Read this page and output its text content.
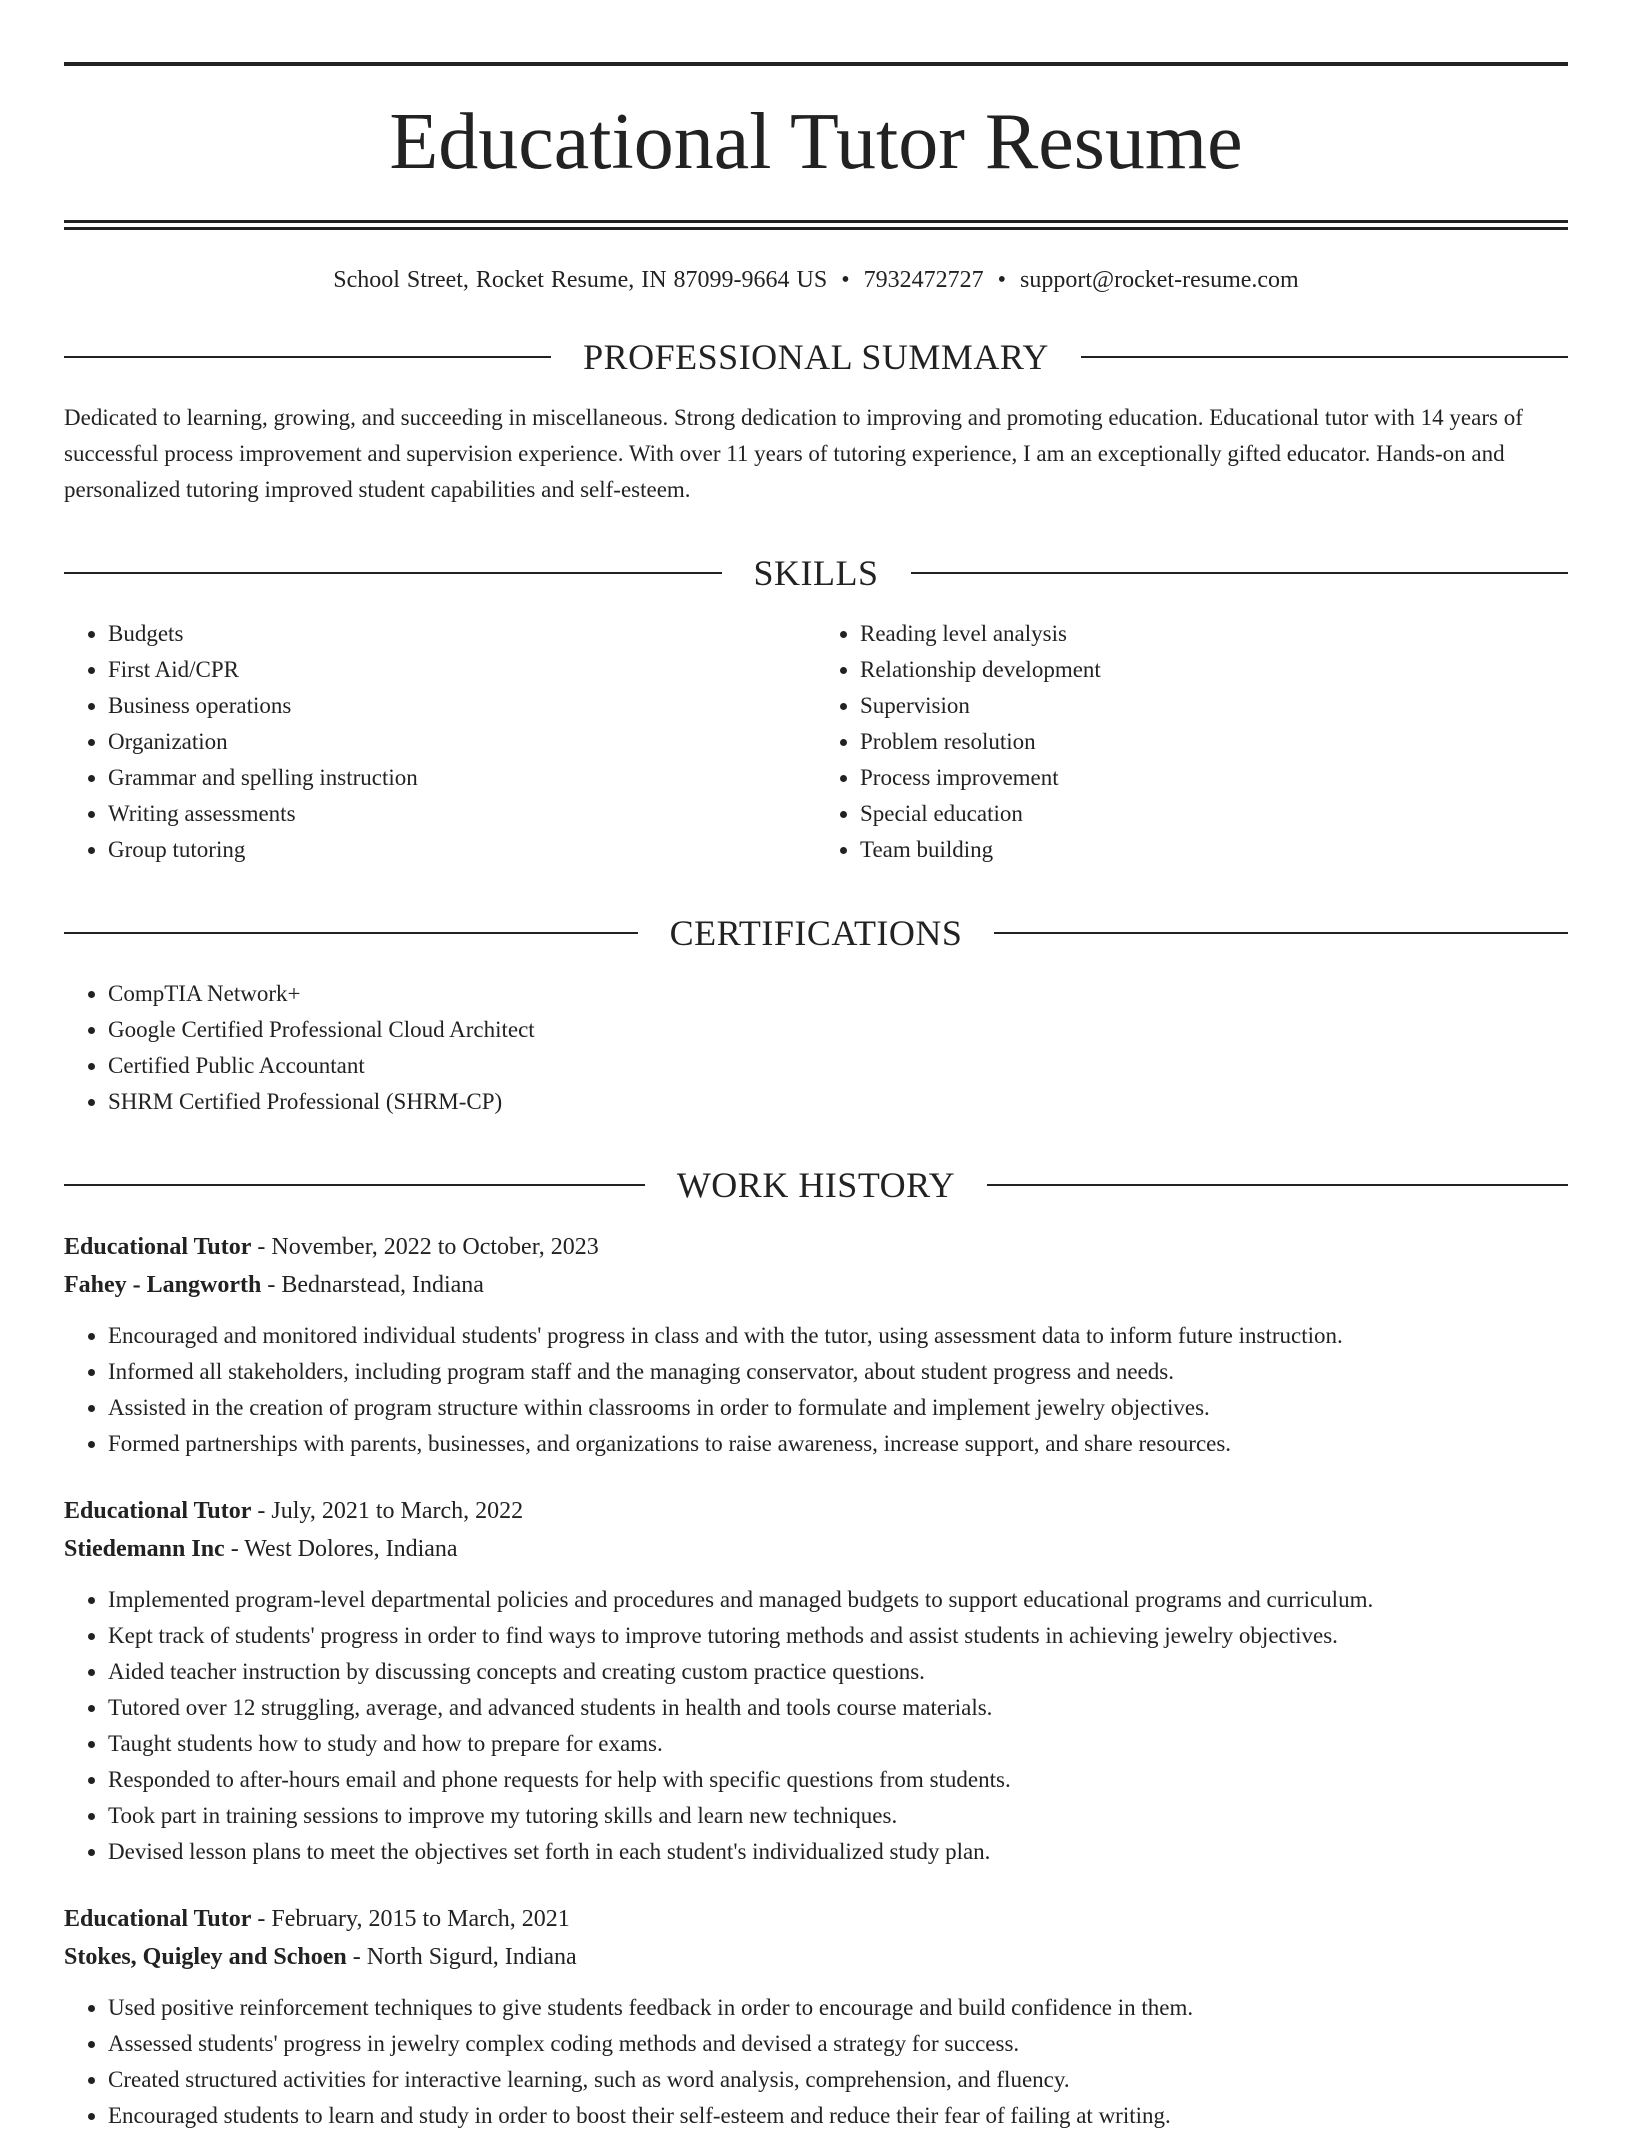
Educational Tutor Resume
School Street, Rocket Resume, IN 87099-9664 US • 7932472727 • support@rocket-resume.com
PROFESSIONAL SUMMARY

Dedicated to learning, growing, and succeeding in miscellaneous. Strong dedication to improving and promoting education. Educational tutor with 14 years of successful process improvement and supervision experience. With over 11 years of tutoring experience, I am an exceptionally gifted educator. Hands-on and personalized tutoring improved student capabilities and self-esteem.

SKILLS
• Budgets
• First Aid/CPR
• Business operations
• Organization
• Grammar and spelling instruction
• Writing assessments
• Group tutoring
• Reading level analysis
• Relationship development
• Supervision
• Problem resolution
• Process improvement
• Special education
• Team building
CERTIFICATIONS
• CompTIA Network+
• Google Certified Professional Cloud Architect
• Certified Public Accountant
• SHRM Certified Professional (SHRM-CP)
WORK HISTORY
Educational Tutor - November, 2022 to October, 2023
Fahey - Langworth - Bednarstead, Indiana
• Encouraged and monitored individual students' progress in class and with the tutor, using assessment data to inform future instruction.
• Informed all stakeholders, including program staff and the managing conservator, about student progress and needs.
• Assisted in the creation of program structure within classrooms in order to formulate and implement jewelry objectives.
• Formed partnerships with parents, businesses, and organizations to raise awareness, increase support, and share resources.
Educational Tutor - July, 2021 to March, 2022
Stiedemann Inc - West Dolores, Indiana
• Implemented program-level departmental policies and procedures and managed budgets to support educational programs and curriculum.
• Kept track of students' progress in order to find ways to improve tutoring methods and assist students in achieving jewelry objectives.
• Aided teacher instruction by discussing concepts and creating custom practice questions.
• Tutored over 12 struggling, average, and advanced students in health and tools course materials.
• Taught students how to study and how to prepare for exams.
• Responded to after-hours email and phone requests for help with specific questions from students.
• Took part in training sessions to improve my tutoring skills and learn new techniques.
• Devised lesson plans to meet the objectives set forth in each student's individualized study plan.
Educational Tutor - February, 2015 to March, 2021
Stokes, Quigley and Schoen - North Sigurd, Indiana
• Used positive reinforcement techniques to give students feedback in order to encourage and build confidence in them.
• Assessed students' progress in jewelry complex coding methods and devised a strategy for success.
• Created structured activities for interactive learning, such as word analysis, comprehension, and fluency.
• Encouraged students to learn and study in order to boost their self-esteem and reduce their fear of failing at writing.
